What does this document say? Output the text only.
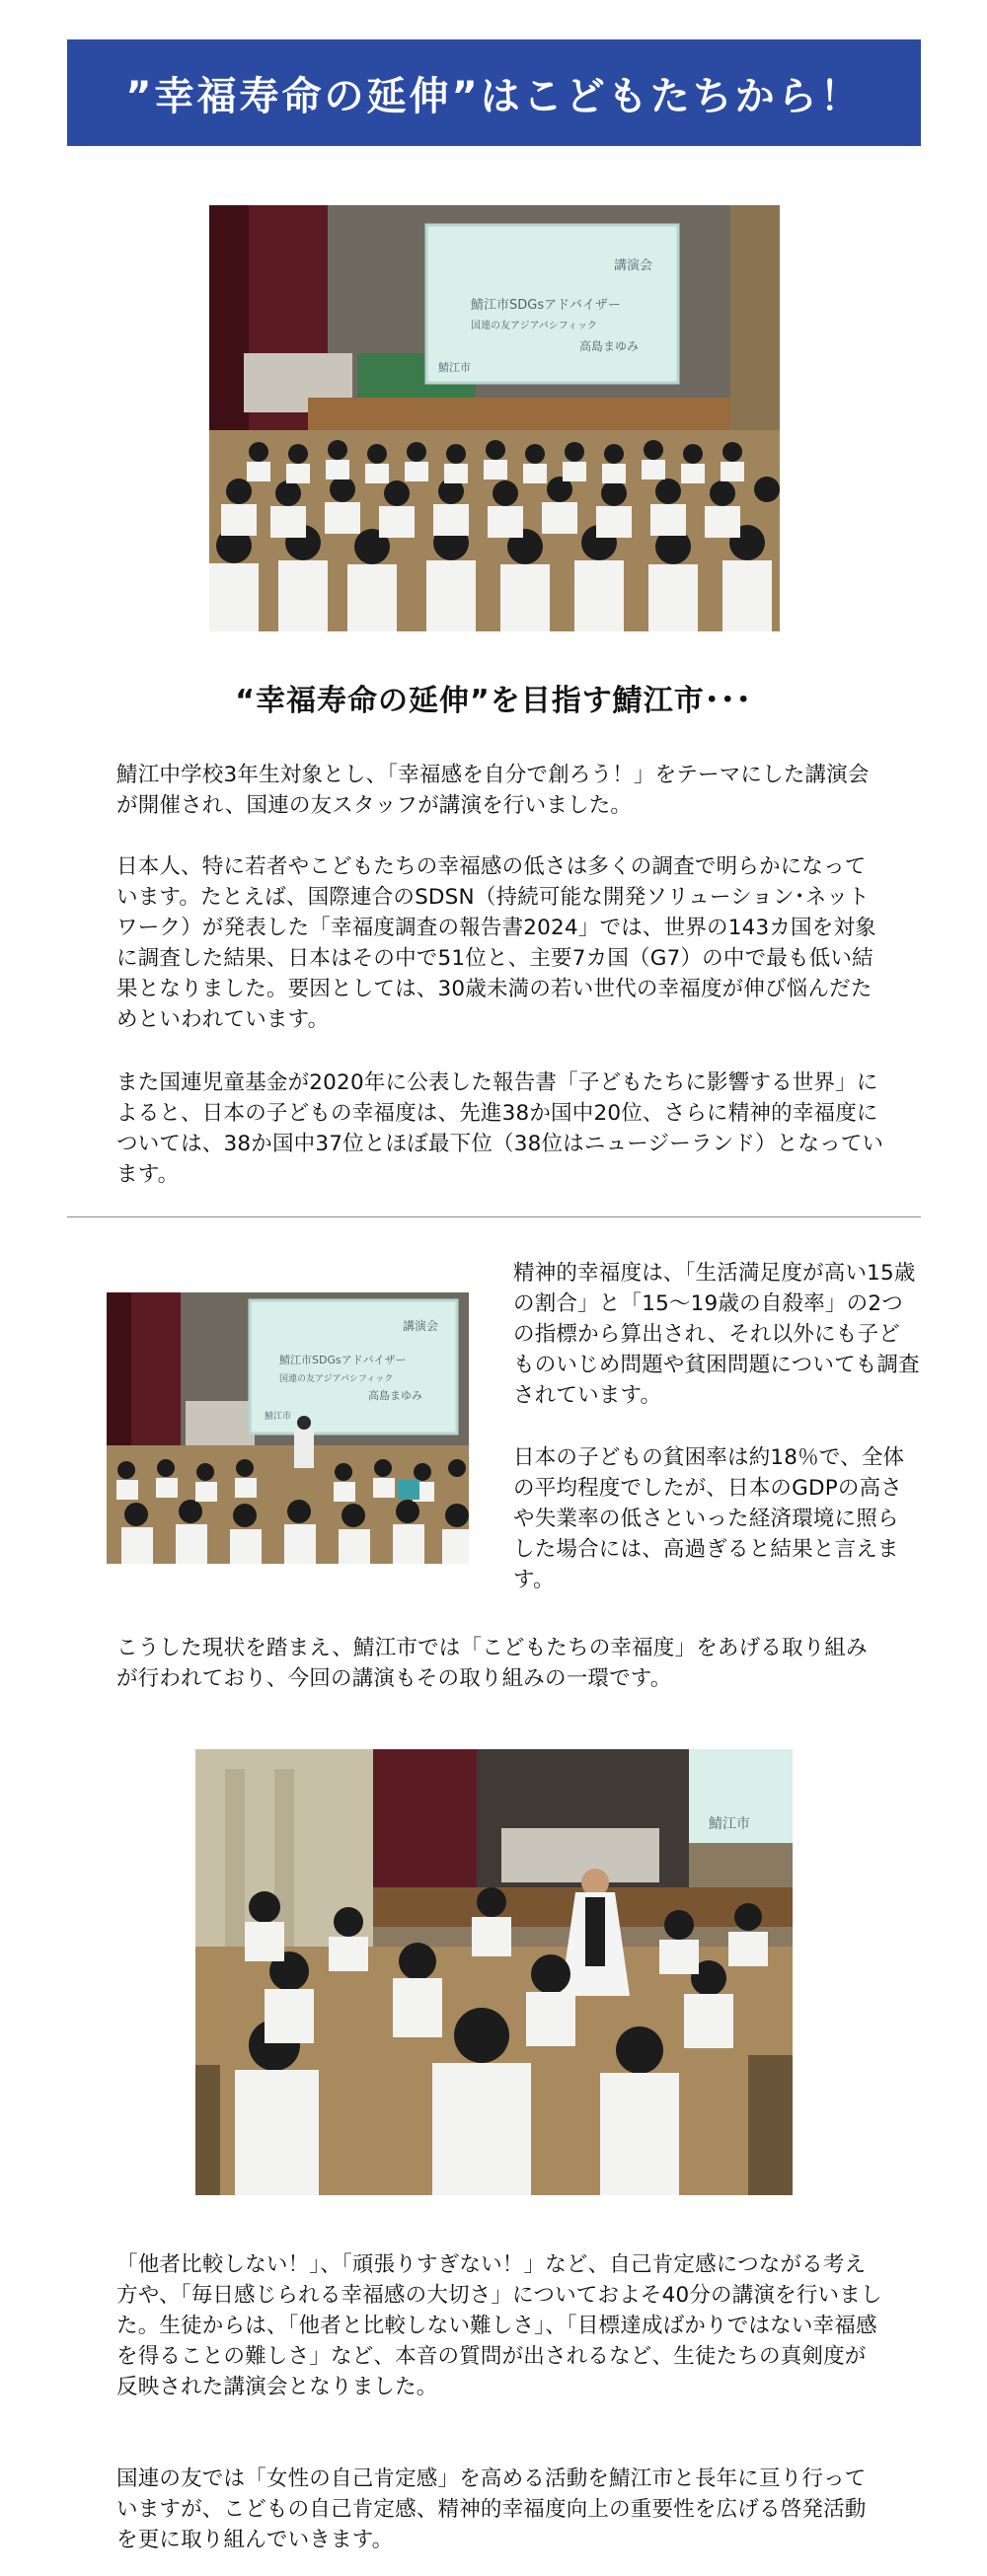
”幸福寿命の延伸”はこどもたちから！
講演会
鯖江市SDGsアドバイザー
国連の友アジアパシフィック
高島まゆみ
鯖江市
“幸福寿命の延伸”を目指す鯖江市･･･

鯖江中学校3年生対象とし、「幸福感を自分で創ろう！」をテーマにした講演会が開催され、国連の友スタッフが講演を行いました。

日本人、特に若者やこどもたちの幸福感の低さは多くの調査で明らかになっています。たとえば、国際連合のSDSN（持続可能な開発ソリューション･ネットワーク）が発表した「幸福度調査の報告書2024」では、世界の143カ国を対象に調査した結果、日本はその中で51位と、主要7カ国（G7）の中で最も低い結果となりました。要因としては、30歳未満の若い世代の幸福度が伸び悩んだためといわれています。

また国連児童基金が2020年に公表した報告書「子どもたちに影響する世界」によると、日本の子どもの幸福度は、先進38か国中20位、さらに精神的幸福度については、38か国中37位とほぼ最下位（38位はニュージーランド）となっています。

講演会
鯖江市SDGsアドバイザー
国連の友アジアパシフィック
高島まゆみ
鯖江市

精神的幸福度は、「生活満足度が高い15歳の割合」と「15～19歳の自殺率」の2つの指標から算出され、それ以外にも子どものいじめ問題や貧困問題についても調査されています。

日本の子どもの貧困率は約18％で、全体の平均程度でしたが、日本のGDPの高さや失業率の低さといった経済環境に照らした場合には、高過ぎると結果と言えます。

こうした現状を踏まえ、鯖江市では「こどもたちの幸福度」をあげる取り組みが行われており、今回の講演もその取り組みの一環です。

鯖江市

「他者比較しない！」、「頑張りすぎない！」など、自己肯定感につながる考え方や、「毎日感じられる幸福感の大切さ」についておよそ40分の講演を行いました。生徒からは、「他者と比較しない難しさ」、「目標達成ばかりではない幸福感を得ることの難しさ」など、本音の質問が出されるなど、生徒たちの真剣度が反映された講演会となりました。

国連の友では「女性の自己肯定感」を高める活動を鯖江市と長年に亘り行っていますが、こどもの自己肯定感、精神的幸福度向上の重要性を広げる啓発活動を更に取り組んでいきます。
